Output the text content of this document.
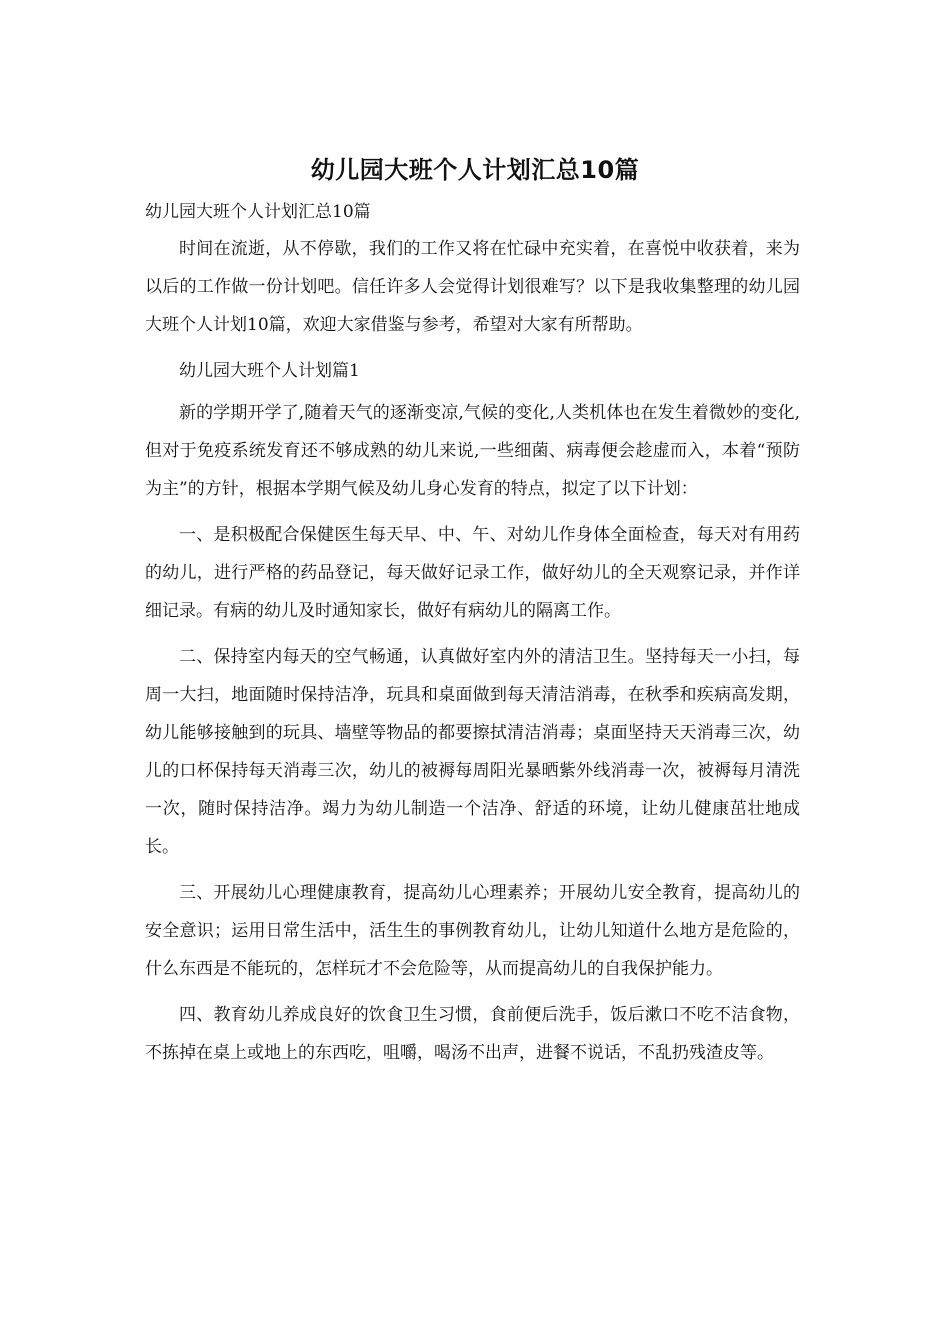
幼儿园大班个人计划汇总10篇
幼儿园大班个人计划汇总10篇

时间在流逝，从不停歇，我们的工作又将在忙碌中充实着，在喜悦中收获着，来为以后的工作做一份计划吧。信任许多人会觉得计划很难写？以下是我收集整理的幼儿园大班个人计划10篇，欢迎大家借鉴与参考，希望对大家有所帮助。

幼儿园大班个人计划篇1

新的学期开学了,随着天气的逐渐变凉,气候的变化,人类机体也在发生着微妙的变化,但对于免疫系统发育还不够成熟的幼儿来说,一些细菌、病毒便会趁虚而入，本着“预防为主”的方针，根据本学期气候及幼儿身心发育的特点，拟定了以下计划：

一、是积极配合保健医生每天早、中、午、对幼儿作身体全面检查，每天对有用药的幼儿，进行严格的药品登记，每天做好记录工作，做好幼儿的全天观察记录，并作详细记录。有病的幼儿及时通知家长，做好有病幼儿的隔离工作。

二、保持室内每天的空气畅通，认真做好室内外的清洁卫生。坚持每天一小扫，每周一大扫，地面随时保持洁净，玩具和桌面做到每天清洁消毒，在秋季和疾病高发期，幼儿能够接触到的玩具、墙壁等物品的都要擦拭清洁消毒；桌面坚持天天消毒三次，幼儿的口杯保持每天消毒三次，幼儿的被褥每周阳光暴晒紫外线消毒一次，被褥每月清洗一次，随时保持洁净。竭力为幼儿制造一个洁净、舒适的环境，让幼儿健康茁壮地成长。

三、开展幼儿心理健康教育，提高幼儿心理素养；开展幼儿安全教育，提高幼儿的安全意识；运用日常生活中，活生生的事例教育幼儿，让幼儿知道什么地方是危险的，什么东西是不能玩的，怎样玩才不会危险等，从而提高幼儿的自我保护能力。

四、教育幼儿养成良好的饮食卫生习惯，食前便后洗手，饭后漱口不吃不洁食物，不拣掉在桌上或地上的东西吃，咀嚼，喝汤不出声，进餐不说话，不乱扔残渣皮等。
